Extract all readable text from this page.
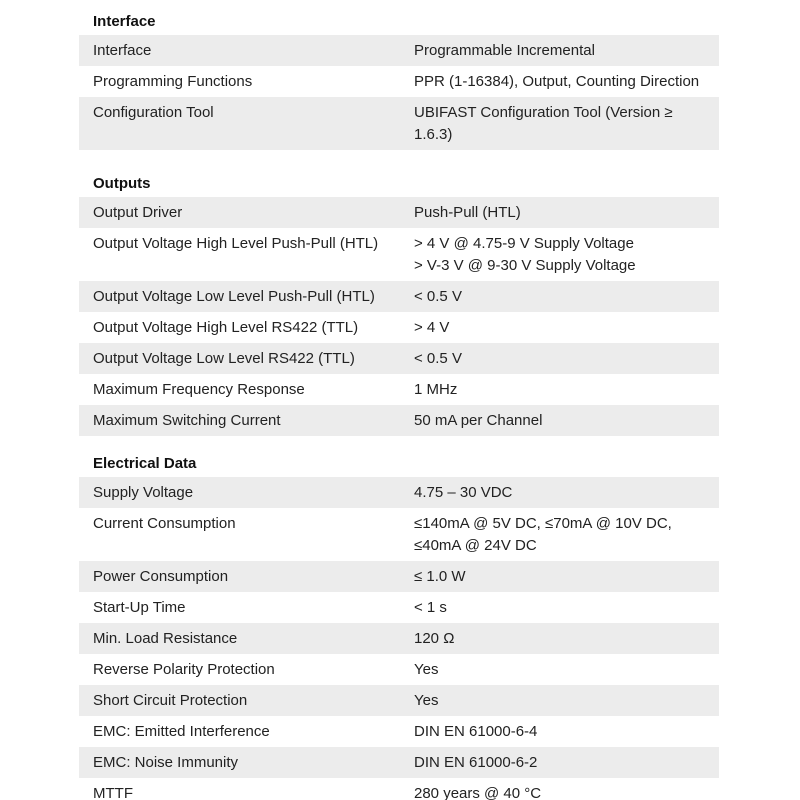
Interface
Interface	Programmable Incremental
Programming Functions	PPR (1-16384), Output, Counting Direction
Configuration Tool	UBIFAST Configuration Tool (Version ≥
1.6.3)
Outputs
Output Driver	Push-Pull (HTL)
Output Voltage High Level Push-Pull (HTL)	> 4 V @ 4.75-9 V Supply Voltage
> V-3 V @ 9-30 V Supply Voltage
Output Voltage Low Level Push-Pull (HTL)	< 0.5 V
Output Voltage High Level RS422 (TTL)	> 4 V
Output Voltage Low Level RS422 (TTL)	< 0.5 V
Maximum Frequency Response	1 MHz
Maximum Switching Current	50 mA per Channel
Electrical Data
Supply Voltage	4.75 – 30 VDC
Current Consumption	≤140mA @ 5V DC, ≤70mA @ 10V DC,
≤40mA @ 24V DC
Power Consumption	≤ 1.0 W
Start-Up Time	< 1 s
Min. Load Resistance	120 Ω
Reverse Polarity Protection	Yes
Short Circuit Protection	Yes
EMC: Emitted Interference	DIN EN 61000-6-4
EMC: Noise Immunity	DIN EN 61000-6-2
MTTF	280 years @ 40 °C
